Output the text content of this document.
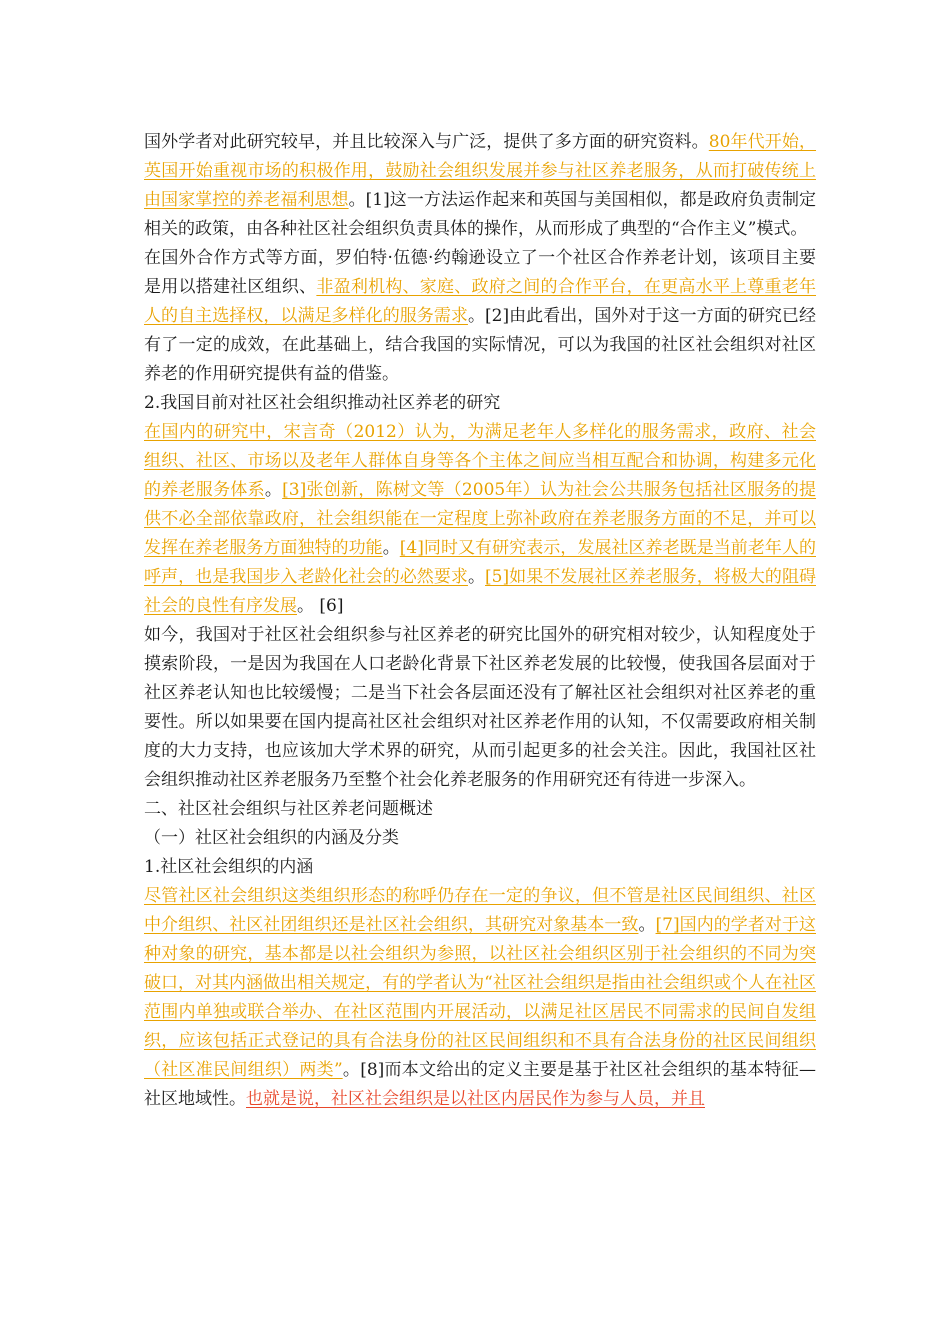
国外学者对此研究较早，并且比较深入与广泛，提供了多方面的研究资料。80年代开始，英国开始重视市场的积极作用，鼓励社会组织发展并参与社区养老服务，从而打破传统上由国家掌控的养老福利思想。[1]这一方法运作起来和英国与美国相似，都是政府负责制定相关的政策，由各种社区社会组织负责具体的操作，从而形成了典型的“合作主义”模式。

在国外合作方式等方面，罗伯特·伍德·约翰逊设立了一个社区合作养老计划，该项目主要是用以搭建社区组织、非盈利机构、家庭、政府之间的合作平台，在更高水平上尊重老年人的自主选择权，以满足多样化的服务需求。[2]由此看出，国外对于这一方面的研究已经有了一定的成效，在此基础上，结合我国的实际情况，可以为我国的社区社会组织对社区养老的作用研究提供有益的借鉴。

2.我国目前对社区社会组织推动社区养老的研究

在国内的研究中，宋言奇（2012）认为，为满足老年人多样化的服务需求，政府、社会组织、社区、市场以及老年人群体自身等各个主体之间应当相互配合和协调，构建多元化的养老服务体系。[3]张创新，陈树文等（2005年）认为社会公共服务包括社区服务的提供不必全部依靠政府，社会组织能在一定程度上弥补政府在养老服务方面的不足，并可以发挥在养老服务方面独特的功能。[4]同时又有研究表示，发展社区养老既是当前老年人的呼声，也是我国步入老龄化社会的必然要求。[5]如果不发展社区养老服务，将极大的阻碍社会的良性有序发展。 [6]

如今，我国对于社区社会组织参与社区养老的研究比国外的研究相对较少，认知程度处于摸索阶段，一是因为我国在人口老龄化背景下社区养老发展的比较慢，使我国各层面对于社区养老认知也比较缓慢；二是当下社会各层面还没有了解社区社会组织对社区养老的重要性。所以如果要在国内提高社区社会组织对社区养老作用的认知，不仅需要政府相关制度的大力支持，也应该加大学术界的研究，从而引起更多的社会关注。因此，我国社区社会组织推动社区养老服务乃至整个社会化养老服务的作用研究还有待进一步深入。

二、社区社会组织与社区养老问题概述

（一）社区社会组织的内涵及分类

1.社区社会组织的内涵

尽管社区社会组织这类组织形态的称呼仍存在一定的争议，但不管是社区民间组织、社区中介组织、社区社团组织还是社区社会组织，其研究对象基本一致。[7]国内的学者对于这种对象的研究，基本都是以社会组织为参照，以社区社会组织区别于社会组织的不同为突破口，对其内涵做出相关规定，有的学者认为“社区社会组织是指由社会组织或个人在社区范围内单独或联合举办、在社区范围内开展活动，以满足社区居民不同需求的民间自发组织，应该包括正式登记的具有合法身份的社区民间组织和不具有合法身份的社区民间组织（社区准民间组织）两类”。[8]而本文给出的定义主要是基于社区社会组织的基本特征—社区地域性。也就是说，社区社会组织是以社区内居民作为参与人员，并且
